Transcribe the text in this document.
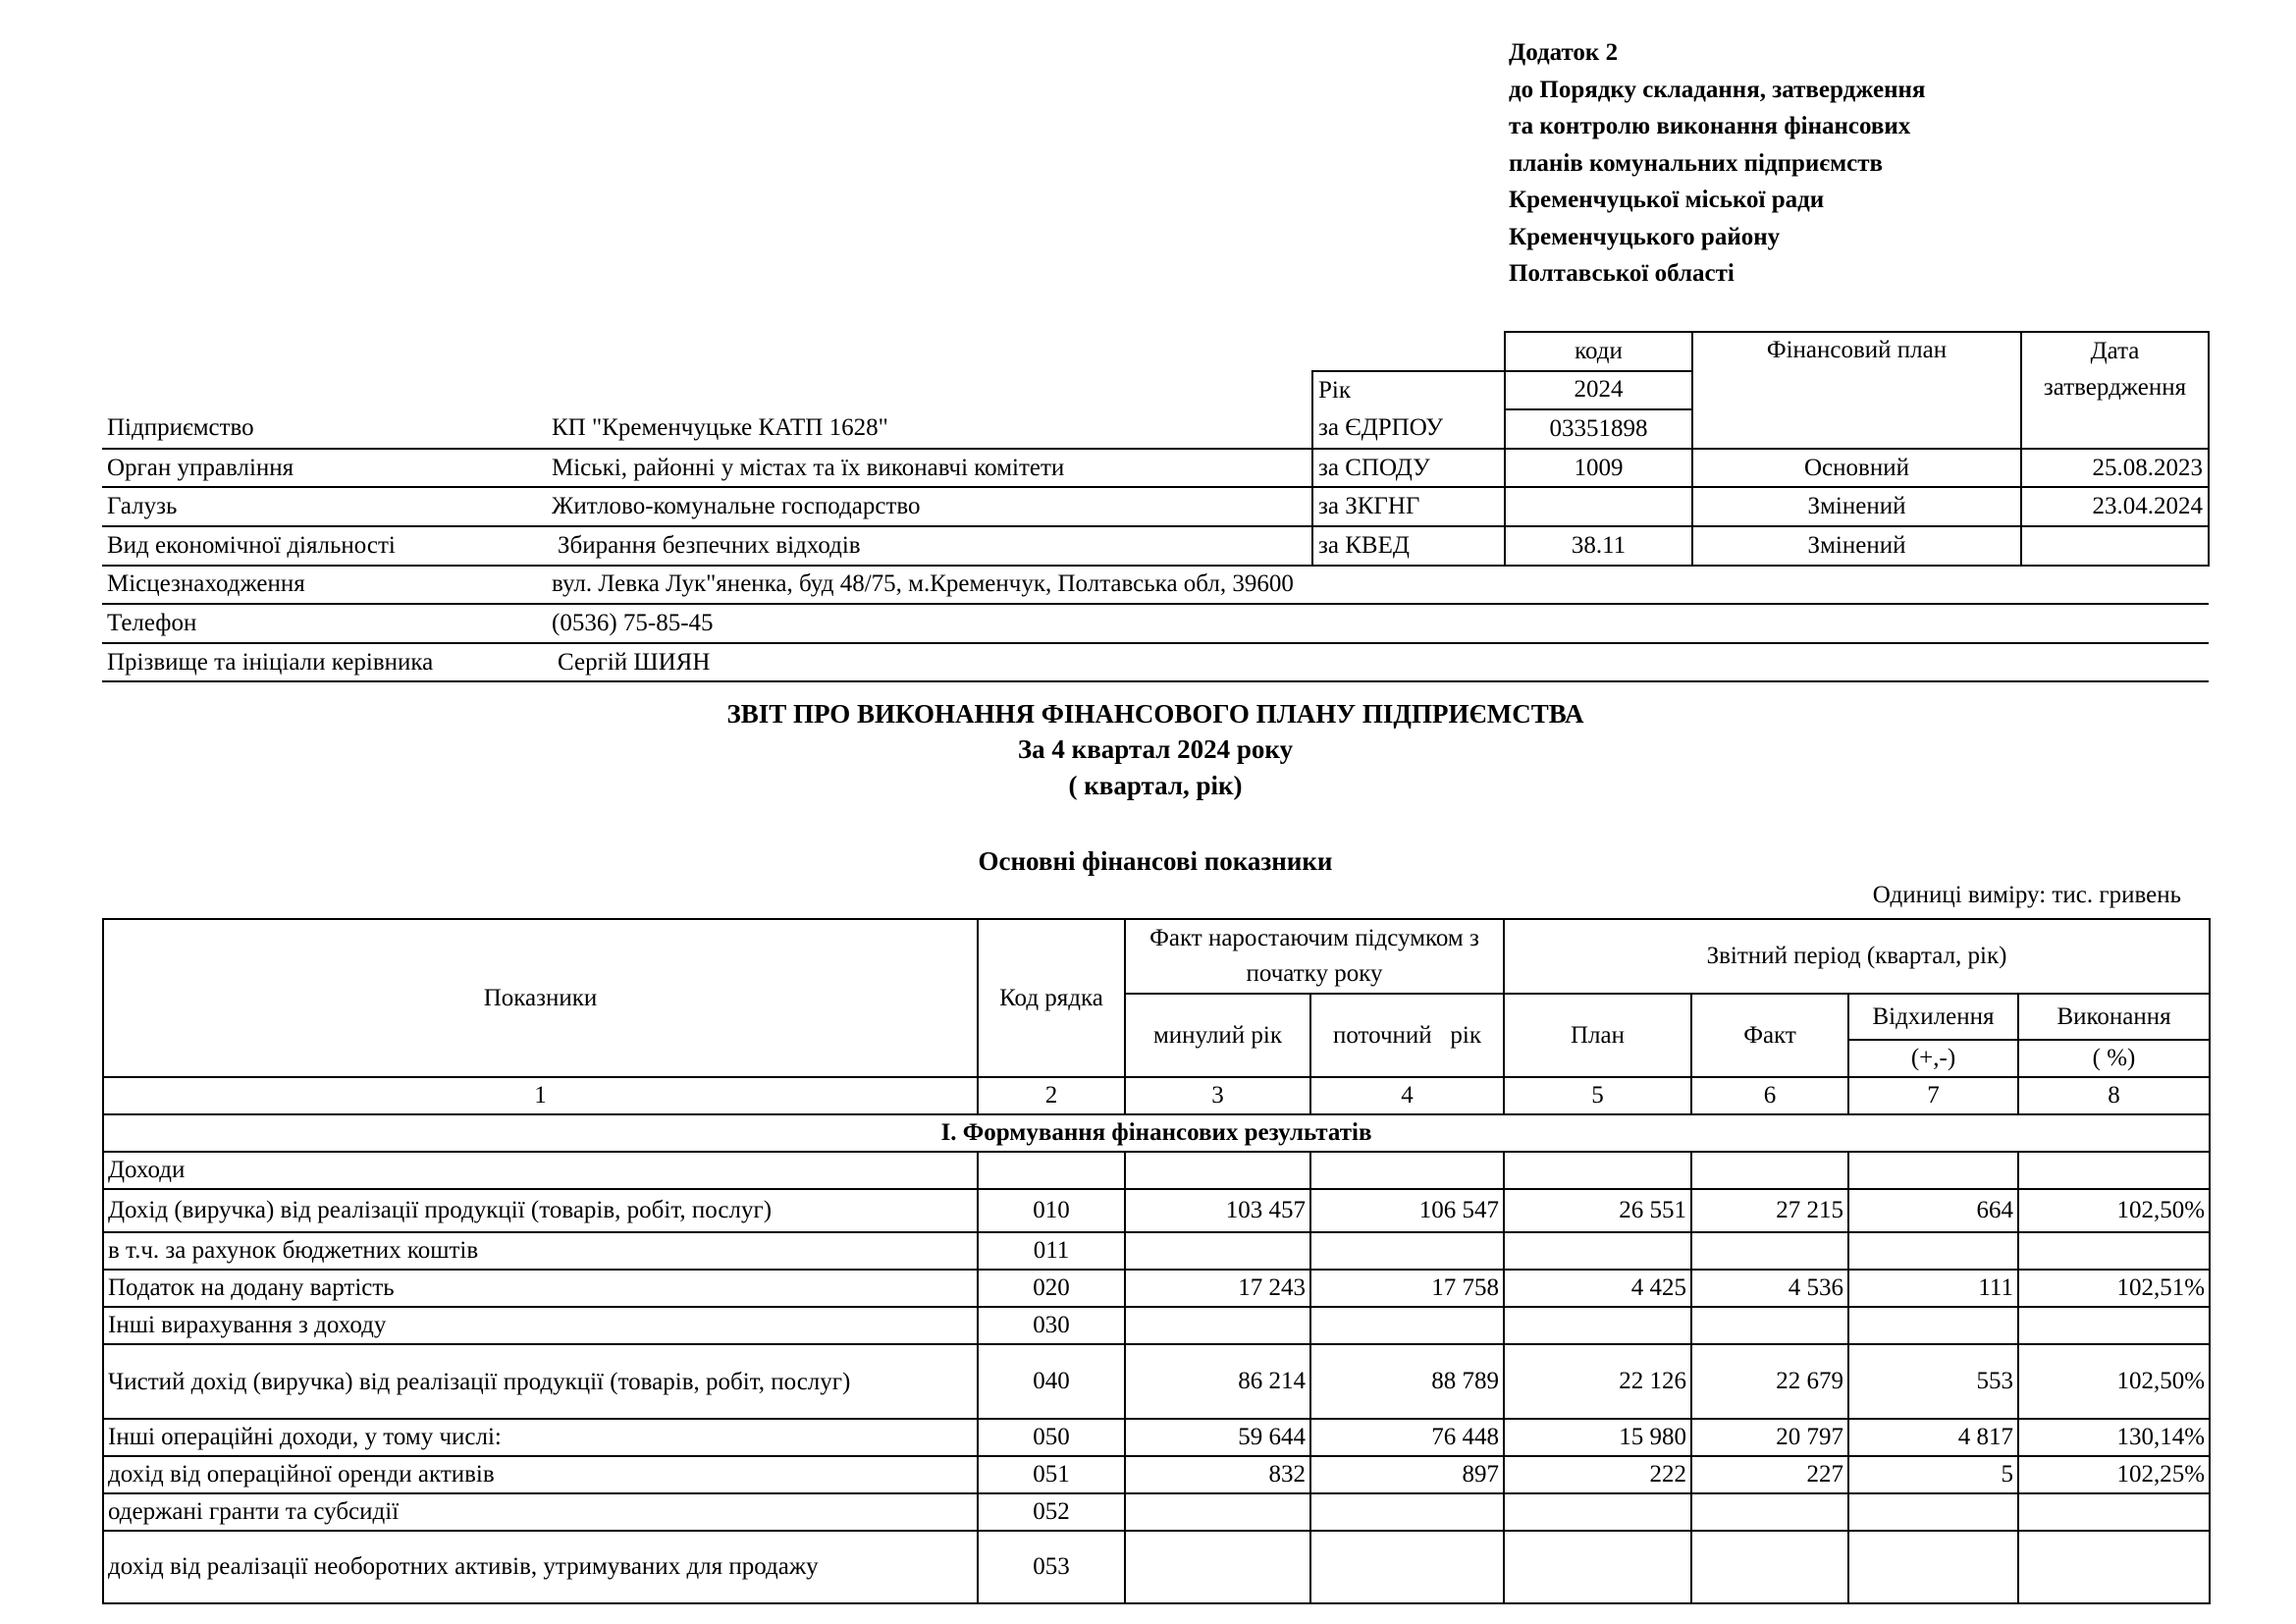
Додаток 2
до Порядку складання, затвердження
та контролю виконання фінансових
планів комунальних підприємств
Кременчуцької міської ради
Кременчуцького району
Полтавської області
			коди	Фінансовий план	Дата затвердження
		Рік	2024		
Підприємство	КП "Кременчуцьке КАТП 1628"	за ЄДРПОУ	03351898		
Орган управління	Міські, районні у містах та їх виконавчі комітети	за СПОДУ	1009	Основний	25.08.2023
Галузь	Житлово-комунальне господарство	за ЗКГНГ		Змінений	23.04.2024
Вид економічної діяльності	Збирання безпечних відходів	за КВЕД	38.11	Змінений	
Місцезнаходження	вул. Левка Лук"яненка, буд 48/75, м.Кременчук, Полтавська обл, 39600				
Телефон	(0536) 75-85-45				
Прізвище та ініціали керівника	Сергій ШИЯН				
ЗВІТ ПРО ВИКОНАННЯ ФІНАНСОВОГО ПЛАНУ ПІДПРИЄМСТВА
За 4 квартал 2024 року
( квартал, рік)
Основні фінансові показники
Одиниці виміру: тис. гривень
Показники	Код рядка	Факт наростаючим підсумком з початку року		Звітний період (квартал, рік)			
		минулий рік	поточний   рік	План	Факт	Відхилення	Виконання
						(+,-)	( %)
1	2	3	4	5	6	7	8
I. Формування фінансових результатів							
Доходи							
Дохід (виручка) від реалізації продукції (товарів, робіт, послуг)	010	103 457	106 547	26 551	27 215	664	102,50%
в т.ч. за рахунок бюджетних коштів	011						
Податок на додану вартість	020	17 243	17 758	4 425	4 536	111	102,51%
Інші вирахування з доходу	030						
Чистий дохід (виручка) від реалізації продукції (товарів, робіт, послуг)	040	86 214	88 789	22 126	22 679	553	102,50%
Інші операційні доходи, у тому числі:	050	59 644	76 448	15 980	20 797	4 817	130,14%
дохід від операційної оренди активів	051	832	897	222	227	5	102,25%
одержані гранти та субсидії	052						
дохід від реалізації необоротних активів, утримуваних для продажу	053						
